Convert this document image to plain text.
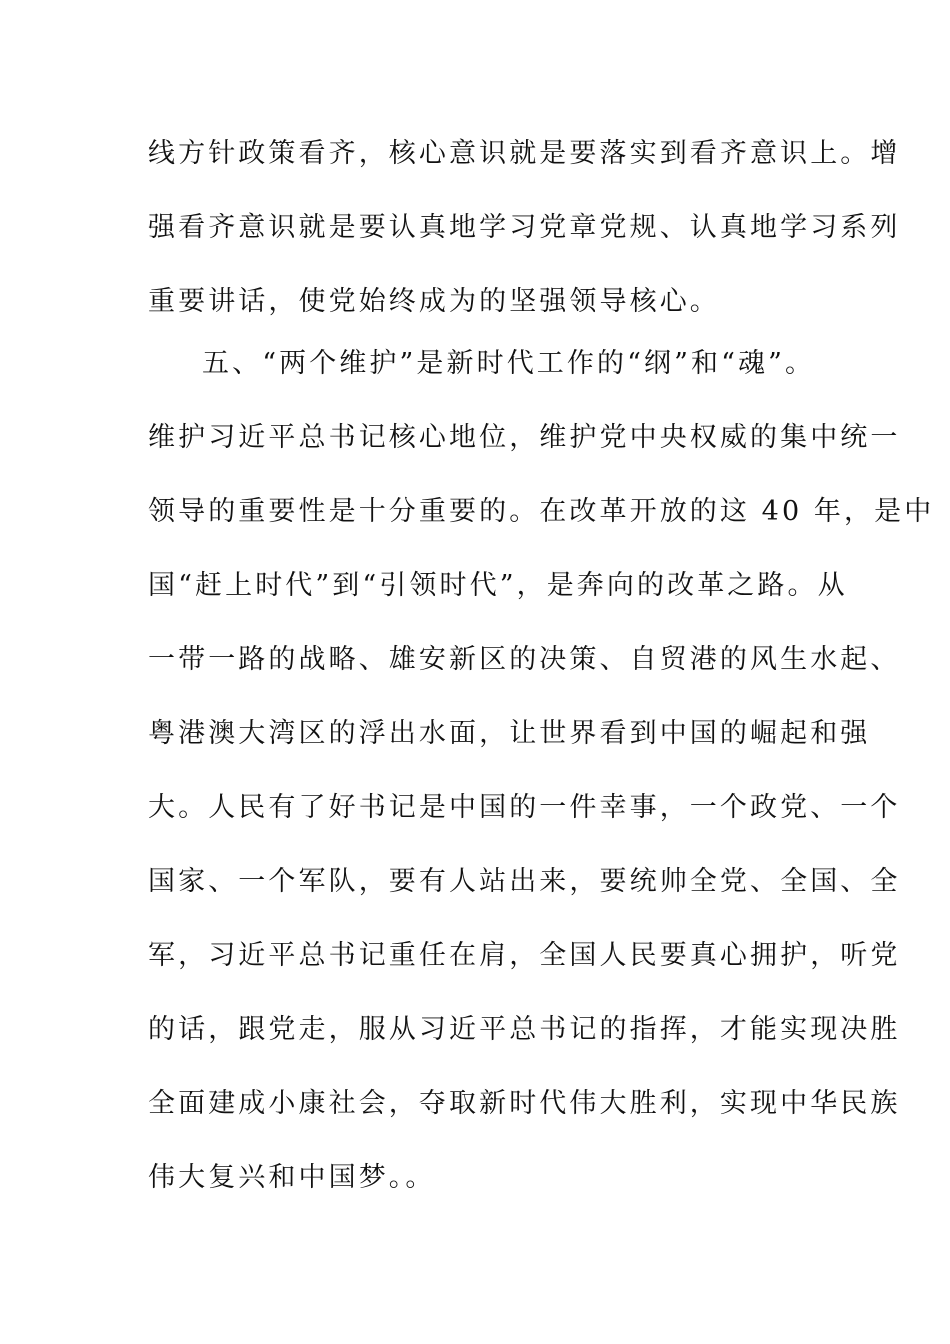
线方针政策看齐，核心意识就是要落实到看齐意识上。增
强看齐意识就是要认真地学习党章党规、认真地学习系列
重要讲话，使党始终成为的坚强领导核心。
五、“两个维护”是新时代工作的“纲”和“魂”。
维护习近平总书记核心地位，维护党中央权威的集中统一
领导的重要性是十分重要的。在改革开放的这 40 年，是中
国“赶上时代”到“引领时代”，是奔向的改革之路。从
一带一路的战略、雄安新区的决策、自贸港的风生水起、
粤港澳大湾区的浮出水面，让世界看到中国的崛起和强
大。人民有了好书记是中国的一件幸事，一个政党、一个
国家、一个军队，要有人站出来，要统帅全党、全国、全
军，习近平总书记重任在肩，全国人民要真心拥护，听党
的话，跟党走，服从习近平总书记的指挥，才能实现决胜
全面建成小康社会，夺取新时代伟大胜利，实现中华民族
伟大复兴和中国梦。。
